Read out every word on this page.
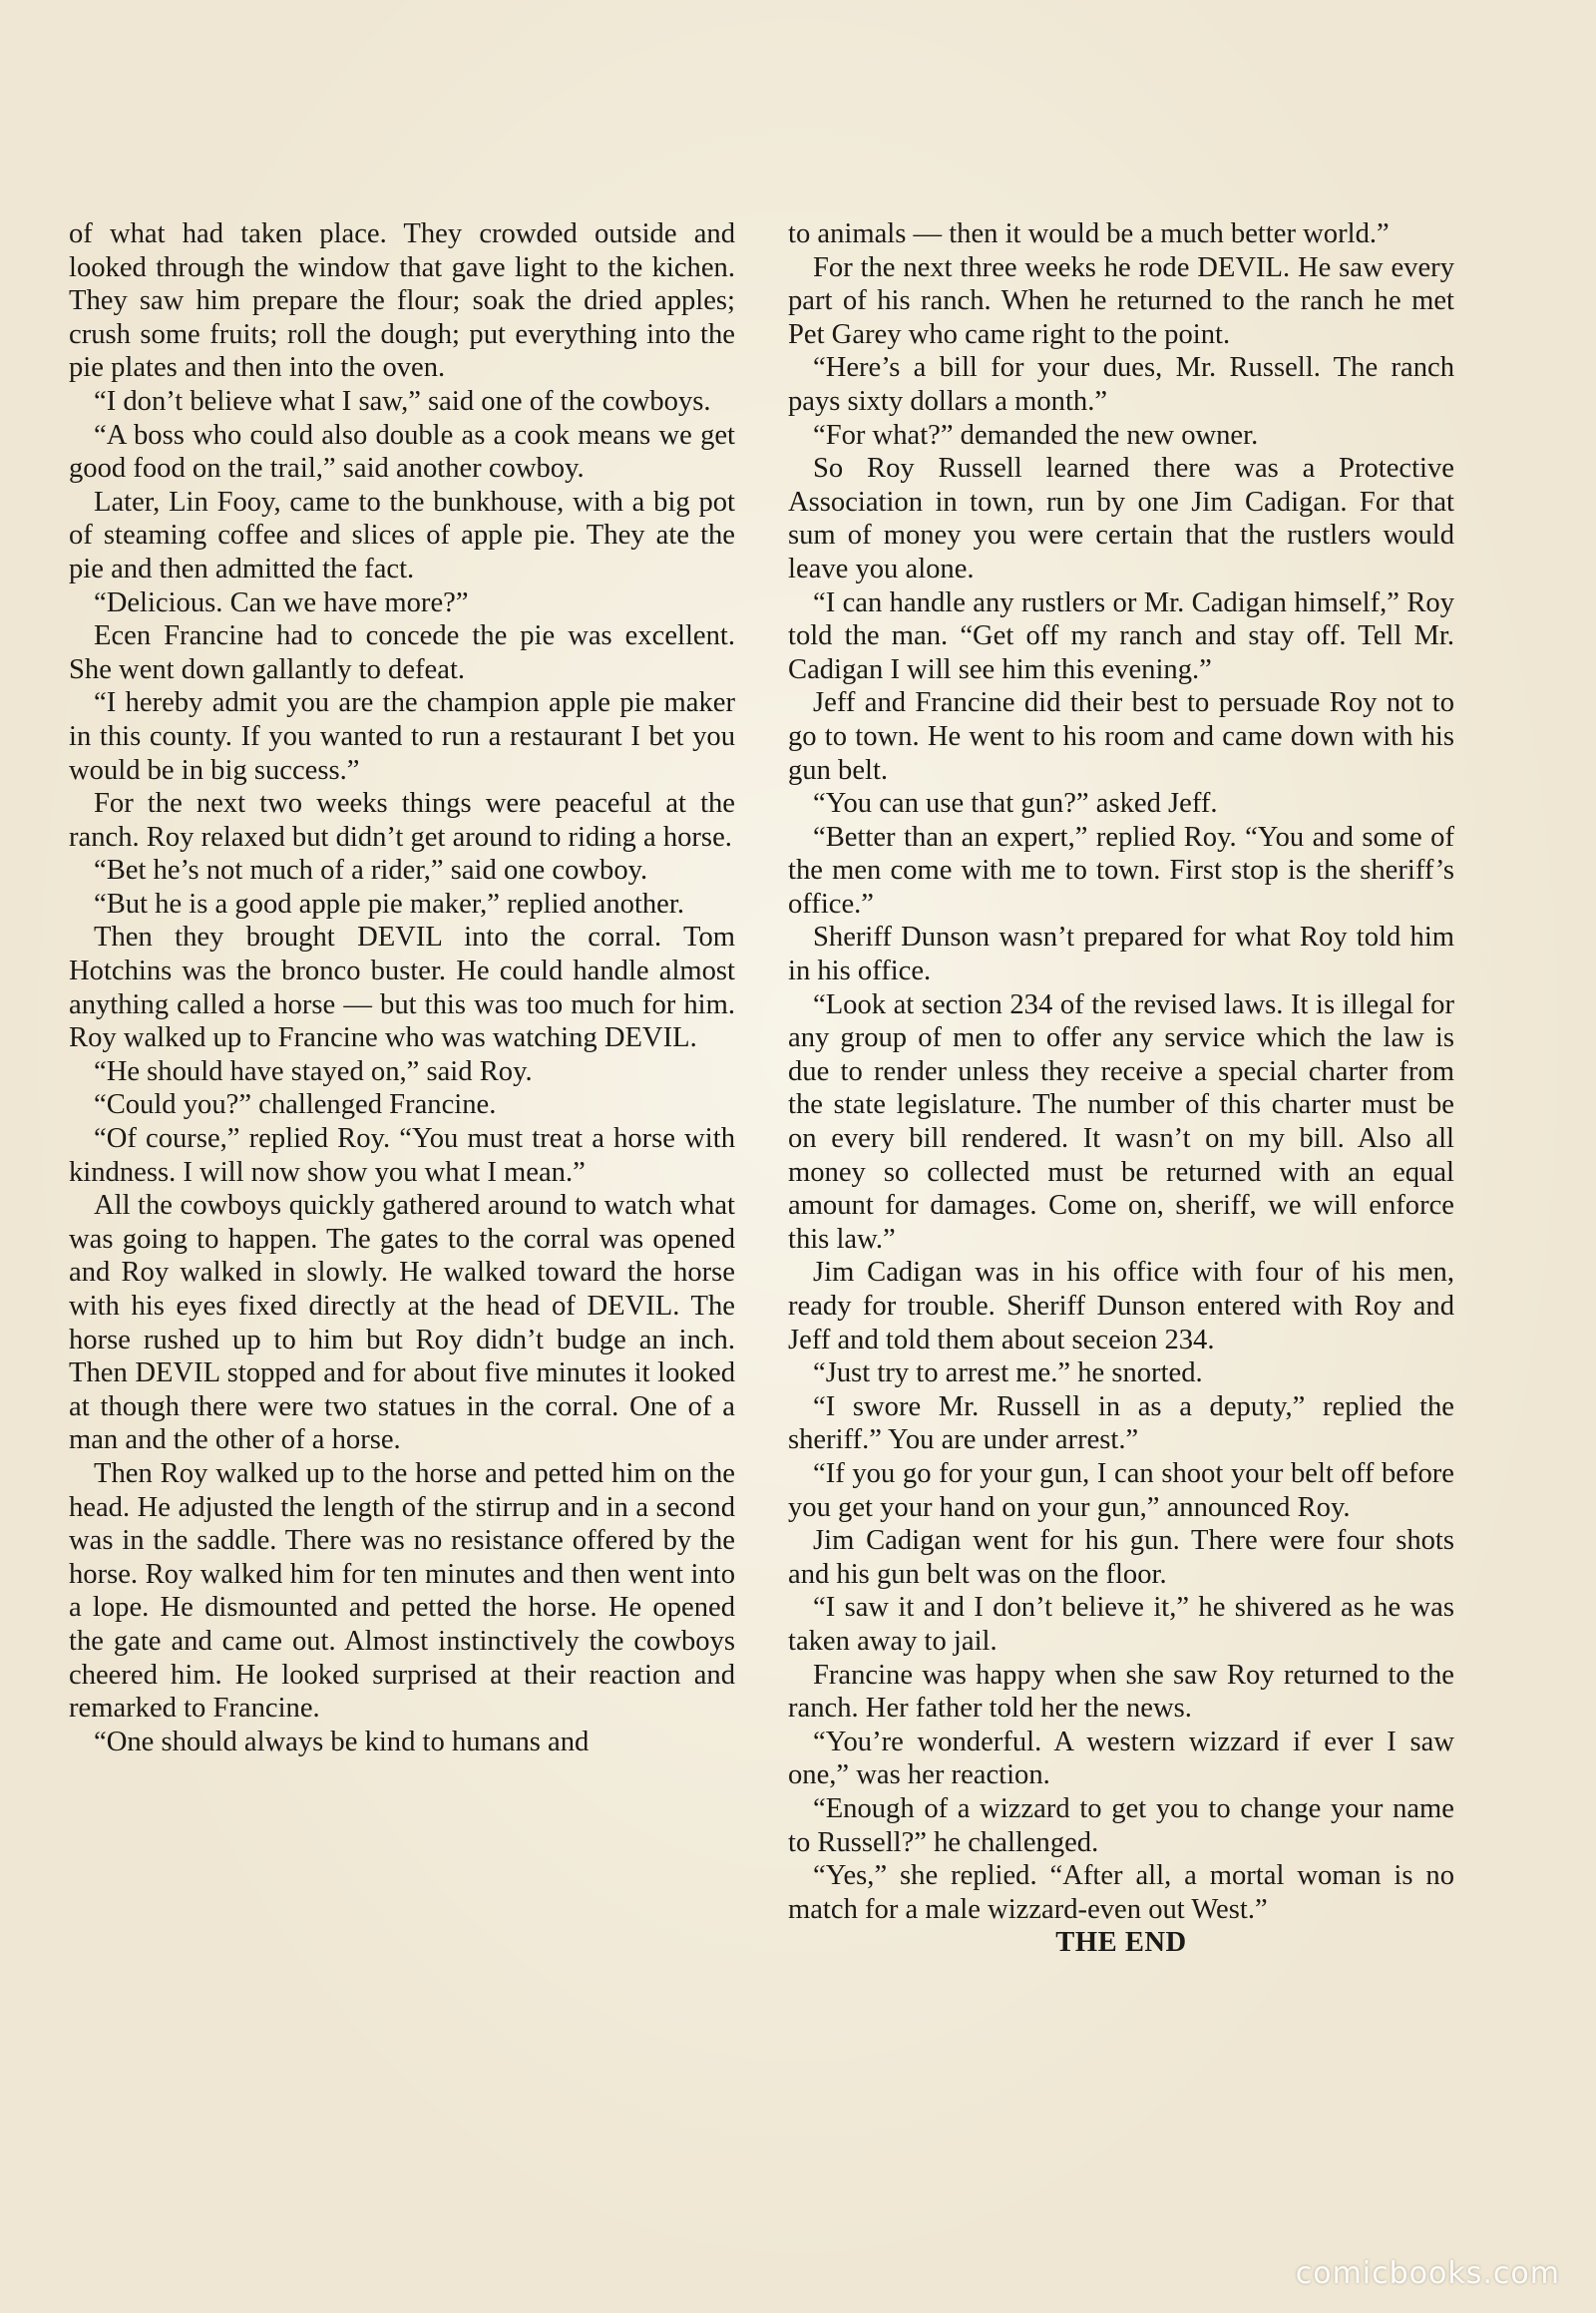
of what had taken place. They crowded outside and looked through the window that gave light to the kichen. They saw him prepare the flour; soak the dried apples; crush some fruits; roll the dough; put everything into the pie plates and then into the oven.

“I don’t believe what I saw,” said one of the cowboys.

“A boss who could also double as a cook means we get good food on the trail,” said another cowboy.

Later, Lin Fooy, came to the bunkhouse, with a big pot of steaming coffee and slices of apple pie. They ate the pie and then admitted the fact.

“Delicious. Can we have more?”

Ecen Francine had to concede the pie was excellent. She went down gallantly to defeat.

“I hereby admit you are the champion apple pie maker in this county. If you wanted to run a restaurant I bet you would be in big success.”

For the next two weeks things were peaceful at the ranch. Roy relaxed but didn’t get around to riding a horse.

“Bet he’s not much of a rider,” said one cowboy.

“But he is a good apple pie maker,” replied another.

Then they brought DEVIL into the corral. Tom Hotchins was the bronco buster. He could handle almost anything called a horse — but this was too much for him. Roy walked up to Francine who was watching DEVIL.

“He should have stayed on,” said Roy.

“Could you?” challenged Francine.

“Of course,” replied Roy. “You must treat a horse with kindness. I will now show you what I mean.”

All the cowboys quickly gathered around to watch what was going to happen. The gates to the corral was opened and Roy walked in slowly. He walked toward the horse with his eyes fixed directly at the head of DEVIL. The horse rushed up to him but Roy didn’t budge an inch. Then DEVIL stopped and for about five minutes it looked at though there were two statues in the corral. One of a man and the other of a horse.

Then Roy walked up to the horse and petted him on the head. He adjusted the length of the stirrup and in a second was in the saddle. There was no resistance offered by the horse. Roy walked him for ten minutes and then went into a lope. He dismounted and petted the horse. He opened the gate and came out. Almost instinctively the cowboys cheered him. He looked surprised at their reaction and remarked to Francine.

“One should always be kind to humans and

to animals — then it would be a much better world.”

For the next three weeks he rode DEVIL. He saw every part of his ranch. When he returned to the ranch he met Pet Garey who came right to the point.

“Here’s a bill for your dues, Mr. Russell. The ranch pays sixty dollars a month.”

“For what?” demanded the new owner.

So Roy Russell learned there was a Protective Association in town, run by one Jim Cadigan. For that sum of money you were certain that the rustlers would leave you alone.

“I can handle any rustlers or Mr. Cadigan himself,” Roy told the man. “Get off my ranch and stay off. Tell Mr. Cadigan I will see him this evening.”

Jeff and Francine did their best to persuade Roy not to go to town. He went to his room and came down with his gun belt.

“You can use that gun?” asked Jeff.

“Better than an expert,” replied Roy. “You and some of the men come with me to town. First stop is the sheriff’s office.”

Sheriff Dunson wasn’t prepared for what Roy told him in his office.

“Look at section 234 of the revised laws. It is illegal for any group of men to offer any service which the law is due to render unless they receive a special charter from the state legislature. The number of this charter must be on every bill rendered. It wasn’t on my bill. Also all money so collected must be returned with an equal amount for damages. Come on, sheriff, we will enforce this law.”

Jim Cadigan was in his office with four of his men, ready for trouble. Sheriff Dunson entered with Roy and Jeff and told them about seceion 234.

“Just try to arrest me.” he snorted.

“I swore Mr. Russell in as a deputy,” replied the sheriff.” You are under arrest.”

“If you go for your gun, I can shoot your belt off before you get your hand on your gun,” announced Roy.

Jim Cadigan went for his gun. There were four shots and his gun belt was on the floor.

“I saw it and I don’t believe it,” he shivered as he was taken away to jail.

Francine was happy when she saw Roy returned to the ranch. Her father told her the news.

“You’re wonderful. A western wizzard if ever I saw one,” was her reaction.

“Enough of a wizzard to get you to change your name to Russell?” he challenged.

“Yes,” she replied. “After all, a mortal woman is no match for a male wizzard-even out West.”

THE END

comicbooks.com
